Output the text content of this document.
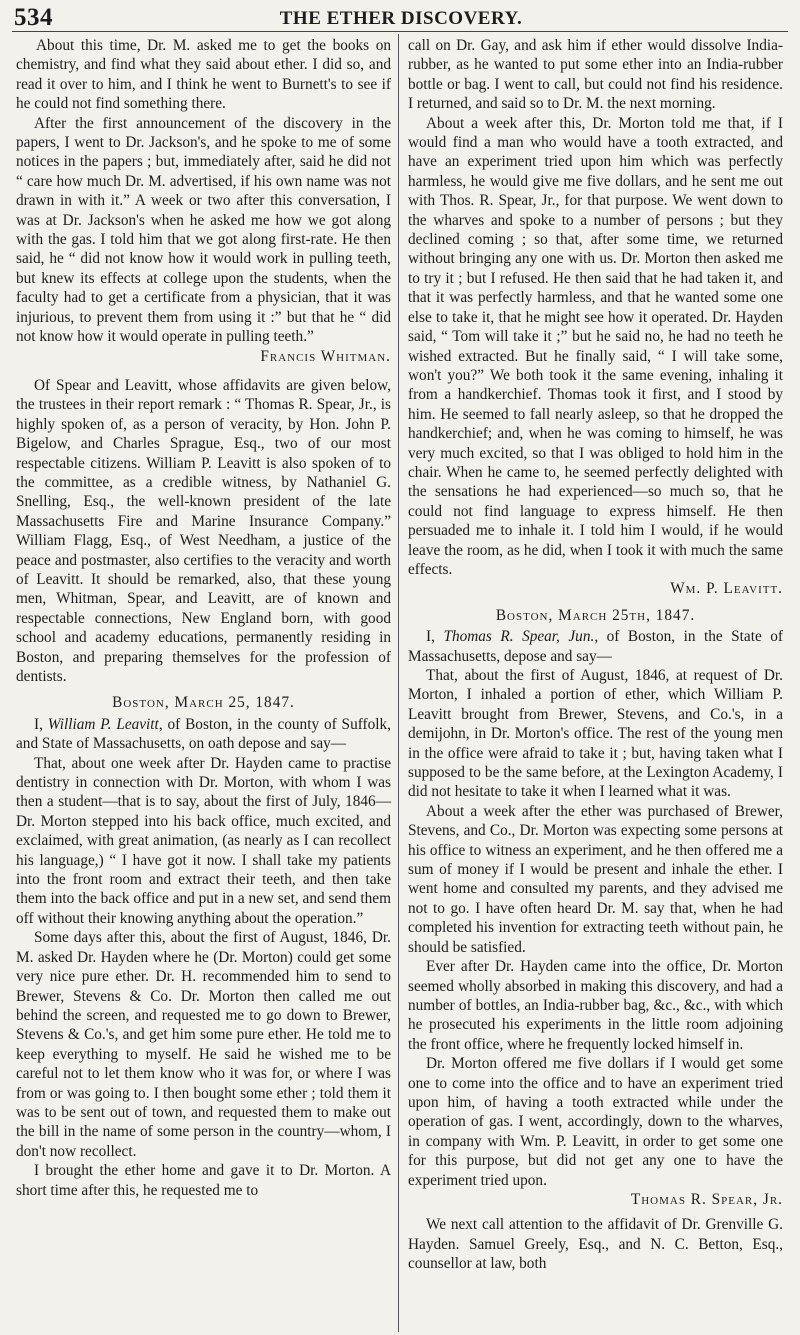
534	THE ETHER DISCOVERY.

About this time, Dr. M. asked me to get the books on chemistry, and find what they said about ether. I did so, and read it over to him, and I think he went to Burnett's to see if he could not find something there.

After the first announcement of the discovery in the papers, I went to Dr. Jackson's, and he spoke to me of some notices in the papers ; but, immediately after, said he did not “ care how much Dr. M. advertised, if his own name was not drawn in with it.” A week or two after this conversation, I was at Dr. Jackson's when he asked me how we got along with the gas. I told him that we got along first-rate. He then said, he “ did not know how it would work in pulling teeth, but knew its effects at college upon the students, when the faculty had to get a certificate from a physician, that it was injurious, to prevent them from using it :” but that he “ did not know how it would operate in pulling teeth.”
Francis Whitman.

Of Spear and Leavitt, whose affidavits are given below, the trustees in their report remark : “ Thomas R. Spear, Jr., is highly spoken of, as a person of veracity, by Hon. John P. Bigelow, and Charles Sprague, Esq., two of our most respectable citizens. William P. Leavitt is also spoken of to the committee, as a credible witness, by Nathaniel G. Snelling, Esq., the well-known president of the late Massachusetts Fire and Marine Insurance Company.” William Flagg, Esq., of West Needham, a justice of the peace and postmaster, also certifies to the veracity and worth of Leavitt. It should be remarked, also, that these young men, Whitman, Spear, and Leavitt, are of known and respectable connections, New England born, with good school and academy educations, permanently residing in Boston, and preparing themselves for the profession of dentists.

Boston, March 25, 1847.

I, William P. Leavitt, of Boston, in the county of Suffolk, and State of Massachusetts, on oath depose and say—

That, about one week after Dr. Hayden came to practise dentistry in connection with Dr. Morton, with whom I was then a student—that is to say, about the first of July, 1846—Dr. Morton stepped into his back office, much excited, and exclaimed, with great animation, (as nearly as I can recollect his language,) “ I have got it now. I shall take my patients into the front room and extract their teeth, and then take them into the back office and put in a new set, and send them off without their knowing anything about the operation.”

Some days after this, about the first of August, 1846, Dr. M. asked Dr. Hayden where he (Dr. Morton) could get some very nice pure ether. Dr. H. recommended him to send to Brewer, Stevens & Co. Dr. Morton then called me out behind the screen, and requested me to go down to Brewer, Stevens & Co.'s, and get him some pure ether. He told me to keep everything to myself. He said he wished me to be careful not to let them know who it was for, or where I was from or was going to. I then bought some ether ; told them it was to be sent out of town, and requested them to make out the bill in the name of some person in the country—whom, I don't now recollect.

I brought the ether home and gave it to Dr. Morton. A short time after this, he requested me to

call on Dr. Gay, and ask him if ether would dissolve India-rubber, as he wanted to put some ether into an India-rubber bottle or bag. I went to call, but could not find his residence. I returned, and said so to Dr. M. the next morning.

About a week after this, Dr. Morton told me that, if I would find a man who would have a tooth extracted, and have an experiment tried upon him which was perfectly harmless, he would give me five dollars, and he sent me out with Thos. R. Spear, Jr., for that purpose. We went down to the wharves and spoke to a number of persons ; but they declined coming ; so that, after some time, we returned without bringing any one with us. Dr. Morton then asked me to try it ; but I refused. He then said that he had taken it, and that it was perfectly harmless, and that he wanted some one else to take it, that he might see how it operated. Dr. Hayden said, “ Tom will take it ;” but he said no, he had no teeth he wished extracted. But he finally said, “ I will take some, won't you?” We both took it the same evening, inhaling it from a handkerchief. Thomas took it first, and I stood by him. He seemed to fall nearly asleep, so that he dropped the handkerchief; and, when he was coming to himself, he was very much excited, so that I was obliged to hold him in the chair. When he came to, he seemed perfectly delighted with the sensations he had experienced—so much so, that he could not find language to express himself. He then persuaded me to inhale it. I told him I would, if he would leave the room, as he did, when I took it with much the same effects.

Wm. P. Leavitt.

Boston, March 25th, 1847.

I, Thomas R. Spear, Jun., of Boston, in the State of Massachusetts, depose and say—

That, about the first of August, 1846, at request of Dr. Morton, I inhaled a portion of ether, which William P. Leavitt brought from Brewer, Stevens, and Co.'s, in a demijohn, in Dr. Morton's office. The rest of the young men in the office were afraid to take it ; but, having taken what I supposed to be the same before, at the Lexington Academy, I did not hesitate to take it when I learned what it was.

About a week after the ether was purchased of Brewer, Stevens, and Co., Dr. Morton was expecting some persons at his office to witness an experiment, and he then offered me a sum of money if I would be present and inhale the ether. I went home and consulted my parents, and they advised me not to go. I have often heard Dr. M. say that, when he had completed his invention for extracting teeth without pain, he should be satisfied.

Ever after Dr. Hayden came into the office, Dr. Morton seemed wholly absorbed in making this discovery, and had a number of bottles, an India-rubber bag, &c., &c., with which he prosecuted his experiments in the little room adjoining the front office, where he frequently locked himself in.

Dr. Morton offered me five dollars if I would get some one to come into the office and to have an experiment tried upon him, of having a tooth extracted while under the operation of gas. I went, accordingly, down to the wharves, in company with Wm. P. Leavitt, in order to get some one for this purpose, but did not get any one to have the experiment tried upon.

Thomas R. Spear, Jr.

We next call attention to the affidavit of Dr. Grenville G. Hayden. Samuel Greely, Esq., and N. C. Betton, Esq., counsellor at law, both
